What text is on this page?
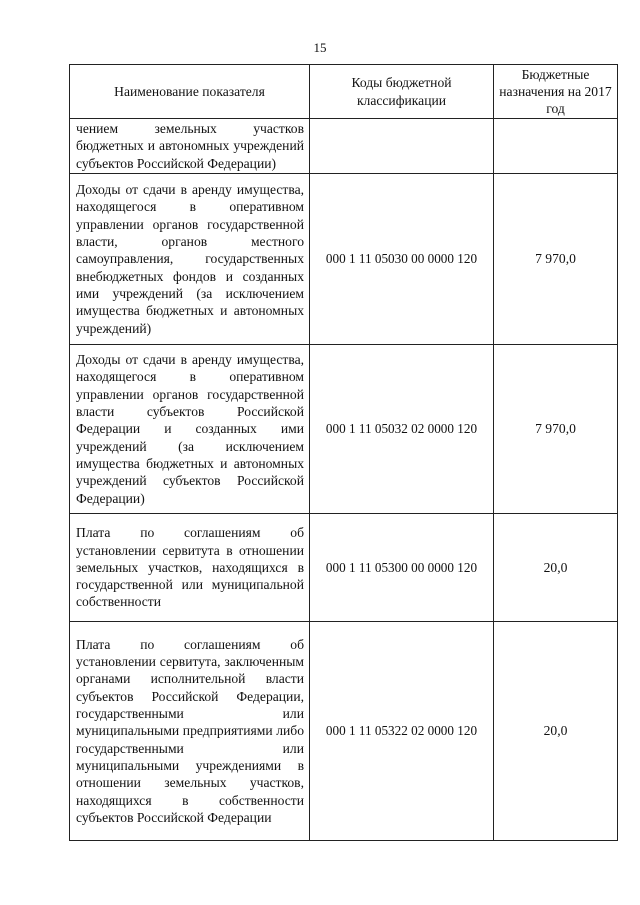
15
Наименование показателя	Коды бюджетной классификации	Бюджетные назначения на 2017 год

чением земельных участков бюджетных и автономных учреждений субъектов Российской Федерации)		

Доходы от сдачи в аренду имущества, находящегося в оперативном управлении органов государственной власти, органов местного самоуправления, государственных внебюджетных фондов и созданных ими учреждений (за исключением имущества бюджетных и автономных учреждений)	000 1 11 05030 00 0000 120	7 970,0

Доходы от сдачи в аренду имущества, находящегося в оперативном управлении органов государственной власти субъектов Российской Федерации и созданных ими учреждений (за исключением имущества бюджетных и автономных учреждений субъектов Российской Федерации)	000 1 11 05032 02 0000 120	7 970,0

Плата по соглашениям об установлении сервитута в отношении земельных участков, находящихся в государственной или муниципальной собственности	000 1 11 05300 00 0000 120	20,0

Плата по соглашениям об установлении сервитута, заключенным органами исполнительной власти субъектов Российской Федерации, государственными или муниципальными предприятиями либо государственными или муниципальными учреждениями в отношении земельных участков, находящихся в собственности субъектов Российской Федерации	000 1 11 05322 02 0000 120	20,0
